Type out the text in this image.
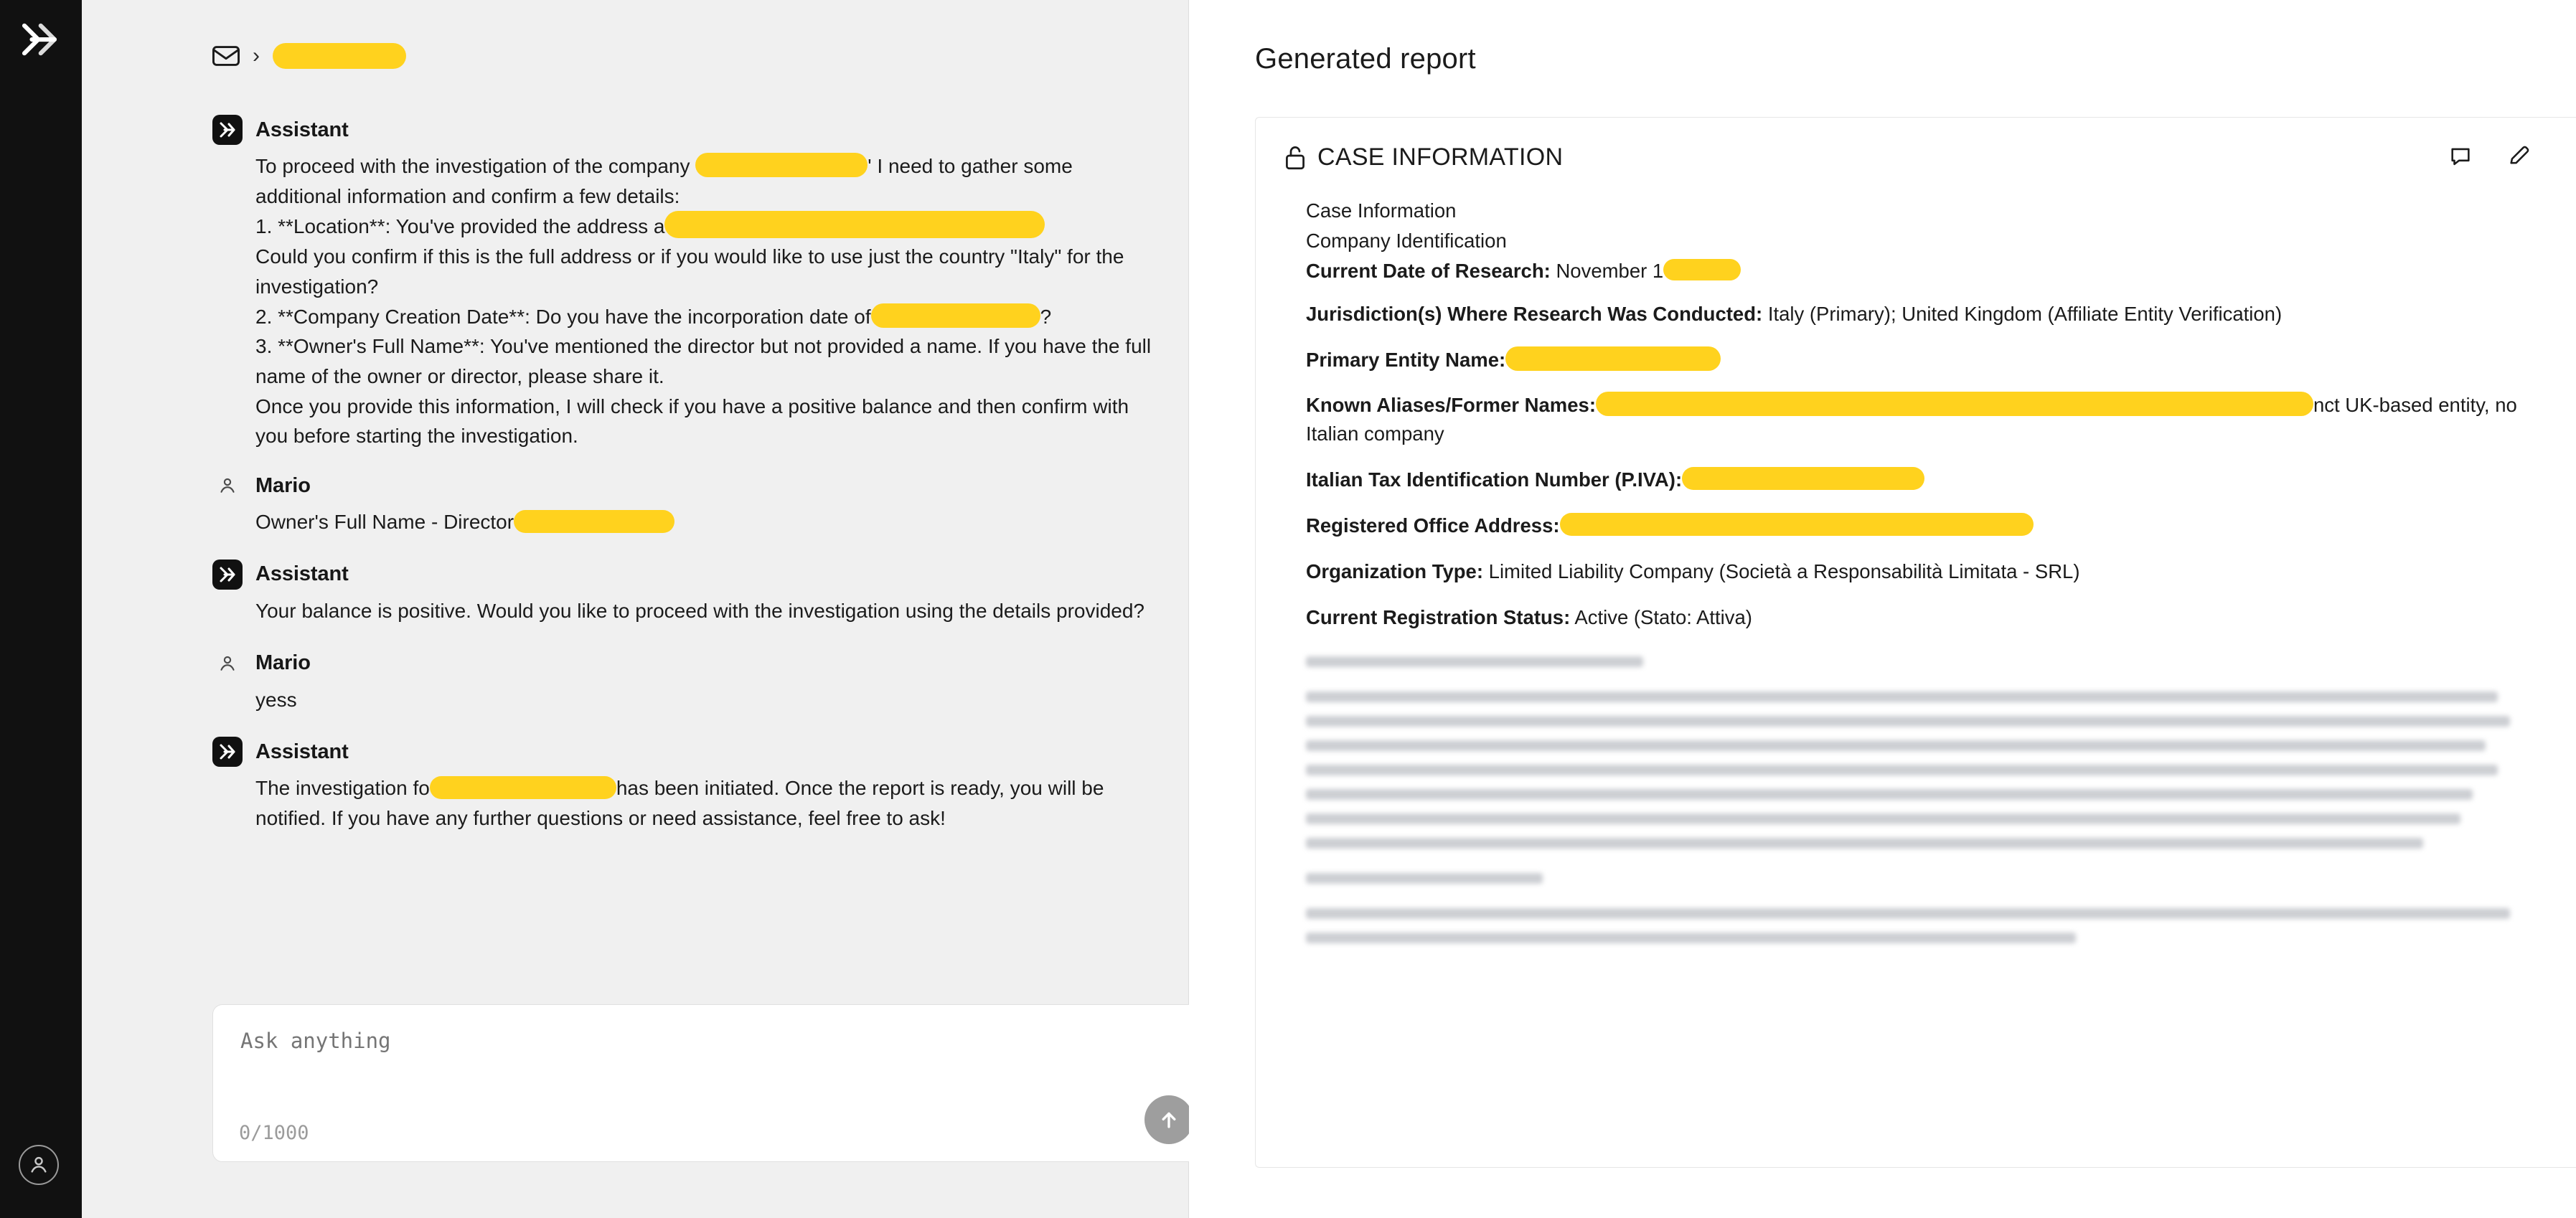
›
Assistant

To proceed with the investigation of the company	' I need to gather some additional information and confirm a few details:

1. **Location**: You've provided the address a

Could you confirm if this is the full address or if you would like to use just the country "Italy" for the investigation?

2. **Company Creation Date**: Do you have the incorporation date of	?

3. **Owner's Full Name**: You've mentioned the director but not provided a name. If you have the full name of the owner or director, please share it.

Once you provide this information, I will check if you have a positive balance and then confirm with you before starting the investigation.

Mario

Owner's Full Name - Director

Assistant

Your balance is positive. Would you like to proceed with the investigation using the details provided?

Mario

yess

Assistant

The investigation fo	has been initiated. Once the report is ready, you will be notified. If you have any further questions or need assistance, feel free to ask!

Ask anything
0/1000
Generated report
CASE INFORMATION

Case Information

Company Identification

Current Date of Research: November 1

Jurisdiction(s) Where Research Was Conducted: Italy (Primary); United Kingdom (Affiliate Entity Verification)

Primary Entity Name:

Known Aliases/Former Names:	nct UK-based entity, no
Italian company

Italian Tax Identification Number (P.IVA):

Registered Office Address:

Organization Type: Limited Liability Company (Società a Responsabilità Limitata - SRL)

Current Registration Status: Active (Stato: Attiva)
